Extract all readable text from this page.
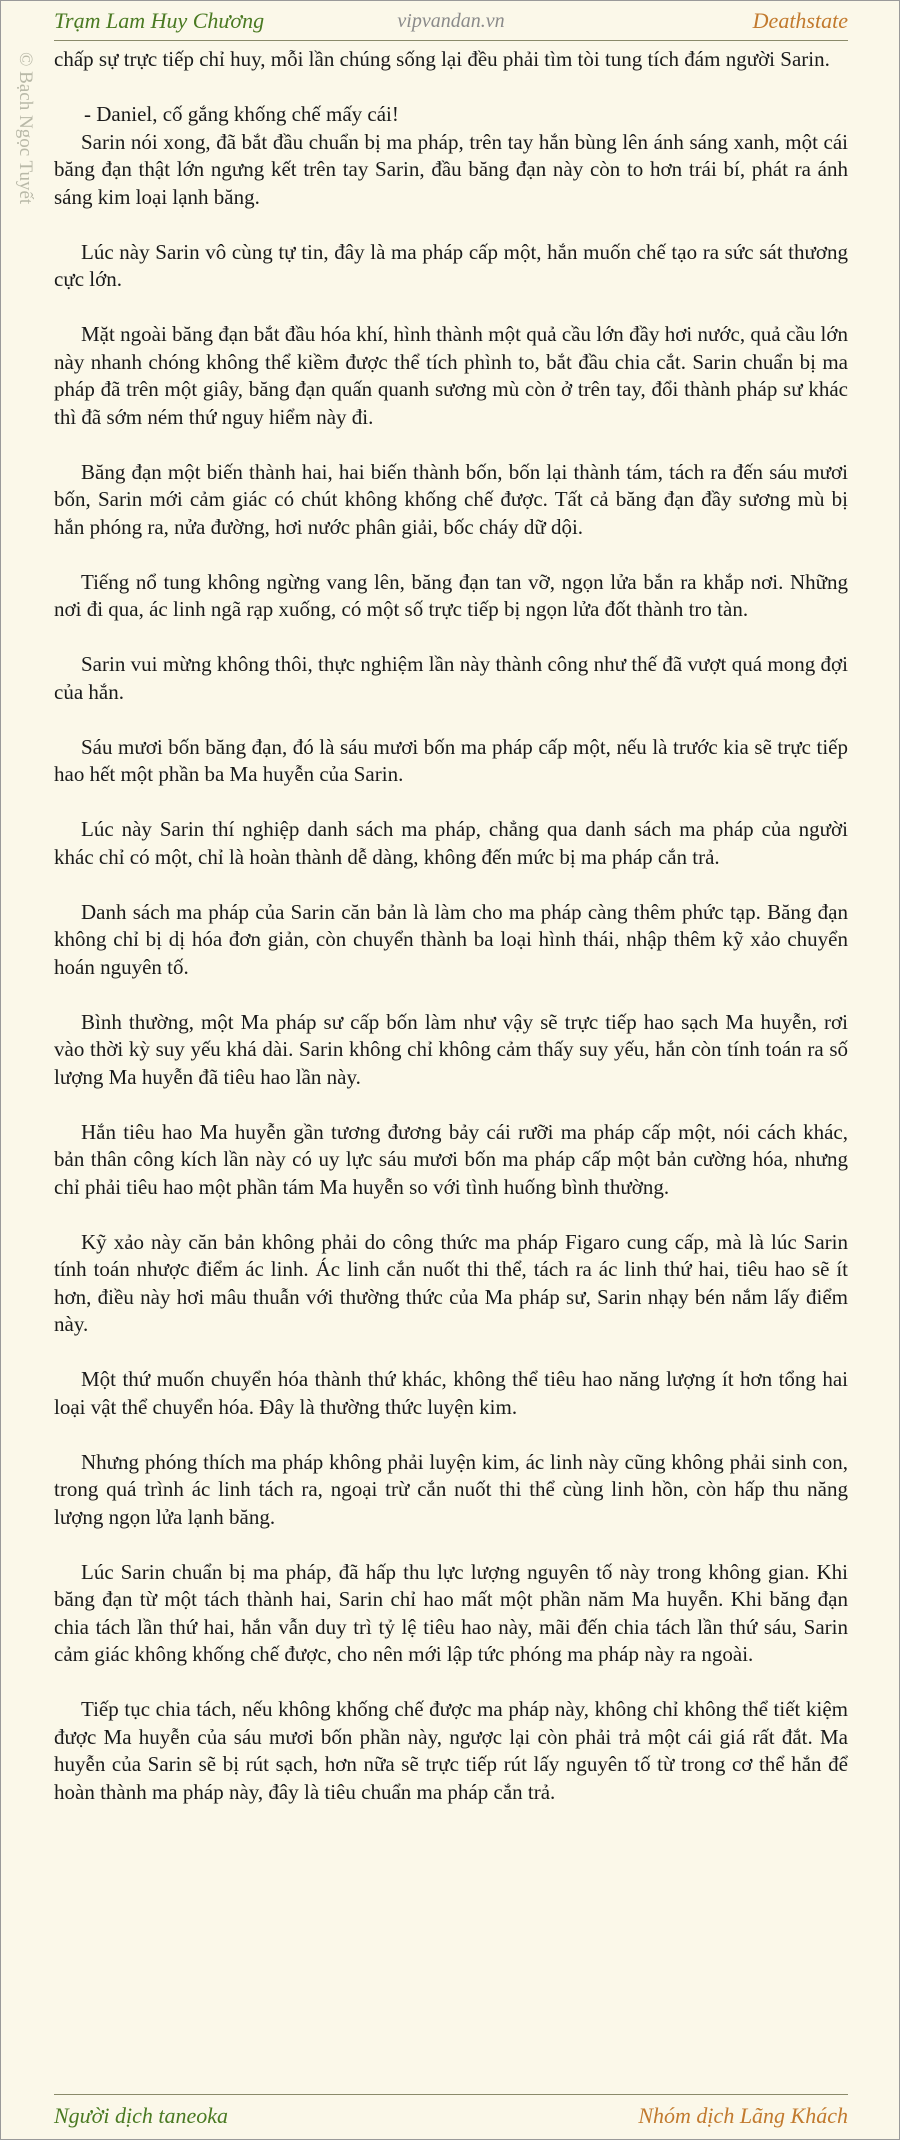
Trạm Lam Huy Chương	vipvandan.vn	Deathstate
© Bạch Ngọc Tuyết chấp sự trực tiếp chỉ huy, mỗi lần chúng sống lại đều phải tìm tòi tung tích đám người Sarin.

- Daniel, cố gắng khống chế mấy cái!

Sarin nói xong, đã bắt đầu chuẩn bị ma pháp, trên tay hắn bùng lên ánh sáng xanh, một cái băng đạn thật lớn ngưng kết trên tay Sarin, đầu băng đạn này còn to hơn trái bí, phát ra ánh sáng kim loại lạnh băng.

Lúc này Sarin vô cùng tự tin, đây là ma pháp cấp một, hắn muốn chế tạo ra sức sát thương cực lớn.

Mặt ngoài băng đạn bắt đầu hóa khí, hình thành một quả cầu lớn đầy hơi nước, quả cầu lớn này nhanh chóng không thể kiềm được thể tích phình to, bắt đầu chia cắt. Sarin chuẩn bị ma pháp đã trên một giây, băng đạn quấn quanh sương mù còn ở trên tay, đổi thành pháp sư khác thì đã sớm ném thứ nguy hiểm này đi.

Băng đạn một biến thành hai, hai biến thành bốn, bốn lại thành tám, tách ra đến sáu mươi bốn, Sarin mới cảm giác có chút không khống chế được. Tất cả băng đạn đầy sương mù bị hắn phóng ra, nửa đường, hơi nước phân giải, bốc cháy dữ dội.

Tiếng nổ tung không ngừng vang lên, băng đạn tan vỡ, ngọn lửa bắn ra khắp nơi. Những nơi đi qua, ác linh ngã rạp xuống, có một số trực tiếp bị ngọn lửa đốt thành tro tàn.

Sarin vui mừng không thôi, thực nghiệm lần này thành công như thế đã vượt quá mong đợi của hắn.

Sáu mươi bốn băng đạn, đó là sáu mươi bốn ma pháp cấp một, nếu là trước kia sẽ trực tiếp hao hết một phần ba Ma huyễn của Sarin.

Lúc này Sarin thí nghiệp danh sách ma pháp, chẳng qua danh sách ma pháp của người khác chỉ có một, chỉ là hoàn thành dễ dàng, không đến mức bị ma pháp cắn trả.

Danh sách ma pháp của Sarin căn bản là làm cho ma pháp càng thêm phức tạp. Băng đạn không chỉ bị dị hóa đơn giản, còn chuyển thành ba loại hình thái, nhập thêm kỹ xảo chuyển hoán nguyên tố.

Bình thường, một Ma pháp sư cấp bốn làm như vậy sẽ trực tiếp hao sạch Ma huyễn, rơi vào thời kỳ suy yếu khá dài. Sarin không chỉ không cảm thấy suy yếu, hắn còn tính toán ra số lượng Ma huyễn đã tiêu hao lần này.

Hắn tiêu hao Ma huyễn gần tương đương bảy cái rưỡi ma pháp cấp một, nói cách khác, bản thân công kích lần này có uy lực sáu mươi bốn ma pháp cấp một bản cường hóa, nhưng chỉ phải tiêu hao một phần tám Ma huyễn so với tình huống bình thường.

Kỹ xảo này căn bản không phải do công thức ma pháp Figaro cung cấp, mà là lúc Sarin tính toán nhược điểm ác linh. Ác linh cắn nuốt thi thể, tách ra ác linh thứ hai, tiêu hao sẽ ít hơn, điều này hơi mâu thuẫn với thường thức của Ma pháp sư, Sarin nhạy bén nắm lấy điểm này.

Một thứ muốn chuyển hóa thành thứ khác, không thể tiêu hao năng lượng ít hơn tổng hai loại vật thể chuyển hóa. Đây là thường thức luyện kim.

Nhưng phóng thích ma pháp không phải luyện kim, ác linh này cũng không phải sinh con, trong quá trình ác linh tách ra, ngoại trừ cắn nuốt thi thể cùng linh hồn, còn hấp thu năng lượng ngọn lửa lạnh băng.

Lúc Sarin chuẩn bị ma pháp, đã hấp thu lực lượng nguyên tố này trong không gian. Khi băng đạn từ một tách thành hai, Sarin chỉ hao mất một phần năm Ma huyễn. Khi băng đạn chia tách lần thứ hai, hắn vẫn duy trì tỷ lệ tiêu hao này, mãi đến chia tách lần thứ sáu, Sarin cảm giác không khống chế được, cho nên mới lập tức phóng ma pháp này ra ngoài.

Tiếp tục chia tách, nếu không khống chế được ma pháp này, không chỉ không thể tiết kiệm được Ma huyễn của sáu mươi bốn phần này, ngược lại còn phải trả một cái giá rất đắt. Ma huyễn của Sarin sẽ bị rút sạch, hơn nữa sẽ trực tiếp rút lấy nguyên tố từ trong cơ thể hắn để hoàn thành ma pháp này, đây là tiêu chuẩn ma pháp cắn trả.

Người dịch taneoka	Nhóm dịch Lãng Khách
